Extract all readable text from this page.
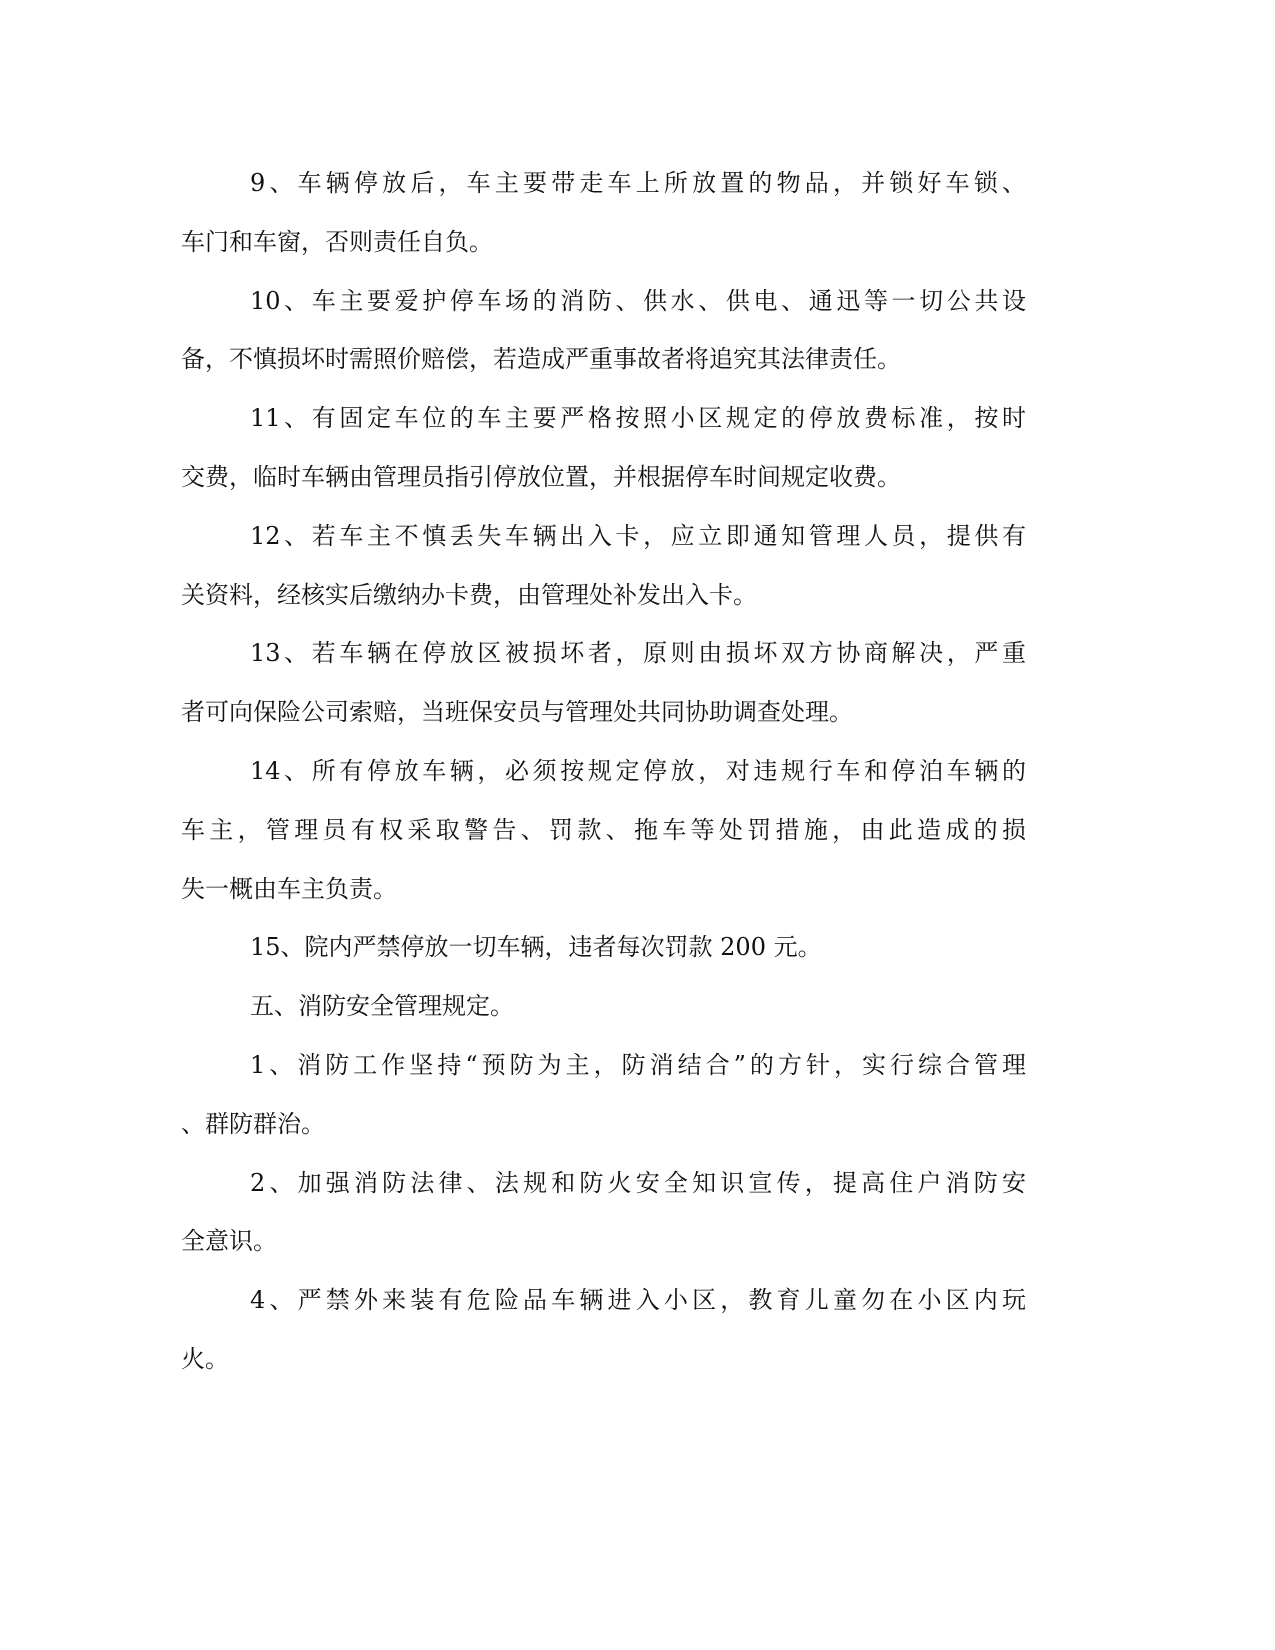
9、车辆停放后，车主要带走车上所放置的物品，并锁好车锁、
车门和车窗，否则责任自负。
10、车主要爱护停车场的消防、供水、供电、通迅等一切公共设
备，不慎损坏时需照价赔偿，若造成严重事故者将追究其法律责任。
11、有固定车位的车主要严格按照小区规定的停放费标准，按时
交费，临时车辆由管理员指引停放位置，并根据停车时间规定收费。
12、若车主不慎丢失车辆出入卡，应立即通知管理人员，提供有
关资料，经核实后缴纳办卡费，由管理处补发出入卡。
13、若车辆在停放区被损坏者，原则由损坏双方协商解决，严重
者可向保险公司索赔，当班保安员与管理处共同协助调查处理。
14、所有停放车辆，必须按规定停放，对违规行车和停泊车辆的
车主，管理员有权采取警告、罚款、拖车等处罚措施，由此造成的损
失一概由车主负责。
15、院内严禁停放一切车辆，违者每次罚款 200 元。
五、消防安全管理规定。
1、消防工作坚持“预防为主，防消结合”的方针，实行综合管理
、群防群治。
2、加强消防法律、法规和防火安全知识宣传，提高住户消防安
全意识。
4、严禁外来装有危险品车辆进入小区，教育儿童勿在小区内玩
火。
